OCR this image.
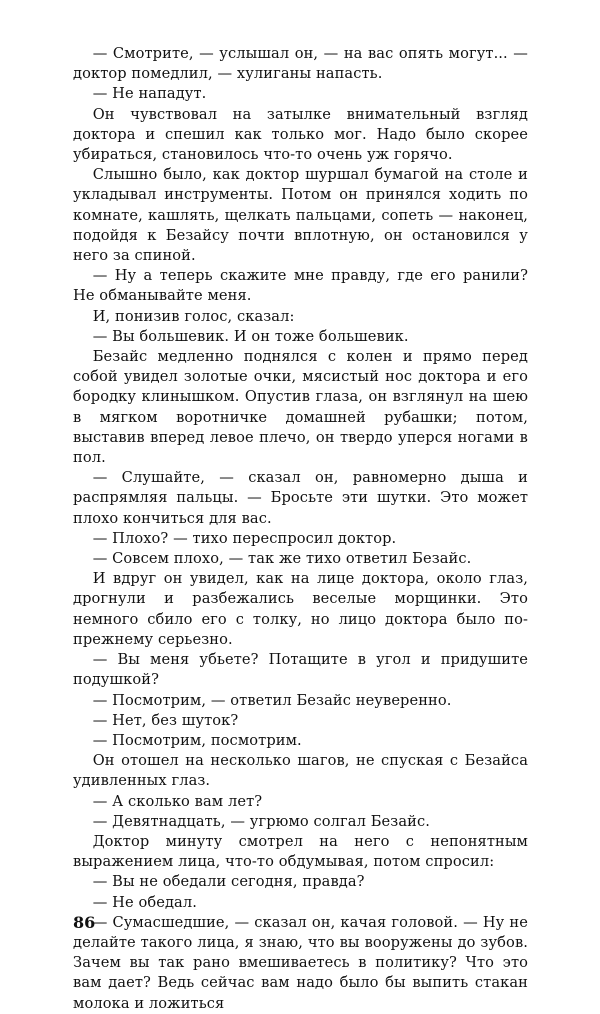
— Смотрите, — услышал он, — на вас опять могут... — доктор помедлил, — хулиганы напасть.

— Не нападут.

Он чувствовал на затылке внимательный взгляд доктора и спешил как только мог. Надо было скорее убираться, становилось что-то очень уж горячо.

Слышно было, как доктор шуршал бумагой на столе и укладывал инструменты. Потом он принялся ходить по комнате, кашлять, щелкать пальцами, сопеть — наконец, подойдя к Безайсу почти вплотную, он остановился у него за спиной.

— Ну а теперь скажите мне правду, где его ранили? Не обманывайте меня.

И, понизив голос, сказал:

— Вы большевик. И он тоже большевик.

Безайс медленно поднялся с колен и прямо перед собой увидел золотые очки, мясистый нос доктора и его бородку клинышком. Опустив глаза, он взглянул на шею в мягком воротничке домашней рубашки; потом, выставив вперед левое плечо, он твердо уперся ногами в пол.

— Слушайте, — сказал он, равномерно дыша и распрямляя пальцы. — Бросьте эти шутки. Это может плохо кончиться для вас.

— Плохо? — тихо переспросил доктор.

— Совсем плохо, — так же тихо ответил Безайс.

И вдруг он увидел, как на лице доктора, около глаз, дрогнули и разбежались веселые морщинки. Это немного сбило его с толку, но лицо доктора было по-прежнему серьезно.

— Вы меня убьете? Потащите в угол и придушите подушкой?

— Посмотрим, — ответил Безайс неуверенно.

— Нет, без шуток?

— Посмотрим, посмотрим.

Он отошел на несколько шагов, не спуская с Безайса удивленных глаз.

— А сколько вам лет?

— Девятнадцать, — угрюмо солгал Безайс.

Доктор минуту смотрел на него с непонятным выражением лица, что-то обдумывая, потом спросил:

— Вы не обедали сегодня, правда?

— Не обедал.

— Сумасшедшие, — сказал он, качая головой. — Ну не делайте такого лица, я знаю, что вы вооружены до зубов. Зачем вы так рано вмешиваетесь в политику? Что это вам дает? Ведь сейчас вам надо было бы выпить стакан молока и ложиться

86
